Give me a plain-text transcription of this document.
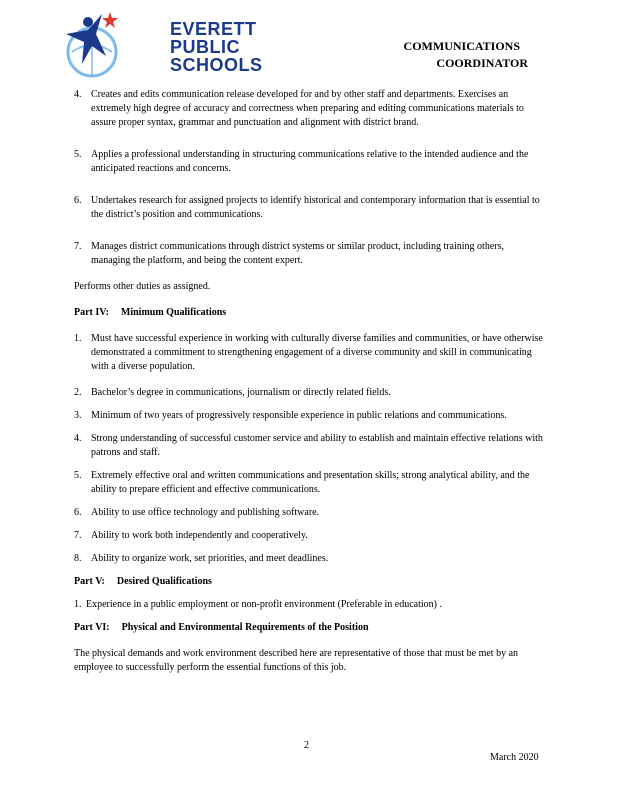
EVERETT
PUBLIC
SCHOOLS
COMMUNICATIONS
COORDINATOR
4. Creates and edits communication release developed for and by other staff and departments. Exercises an extremely high degree of accuracy and correctness when preparing and editing communications materials to assure proper syntax, grammar and punctuation and alignment with district brand.
5. Applies a professional understanding in structuring communications relative to the intended audience and the anticipated reactions and concerns.
6. Undertakes research for assigned projects to identify historical and contemporary information that is essential to the district’s position and communications.
7. Manages district communications through district systems or similar product, including training others, managing the platform, and being the content expert.

Performs other duties as assigned.

Part IV: Minimum Qualifications
1. Must have successful experience in working with culturally diverse families and communities, or have otherwise demonstrated a commitment to strengthening engagement of a diverse community and skill in communicating with a diverse population.
2. Bachelor’s degree in communications, journalism or directly related fields.
3. Minimum of two years of progressively responsible experience in public relations and communications.
4. Strong understanding of successful customer service and ability to establish and maintain effective relations with patrons and staff.
5. Extremely effective oral and written communications and presentation skills; strong analytical ability, and the ability to prepare efficient and effective communications.
6. Ability to use office technology and publishing software.
7. Ability to work both independently and cooperatively.
8. Ability to organize work, set priorities, and meet deadlines.
Part V: Desired Qualifications
1. Experience in a public employment or non-profit environment (Preferable in education) .
Part VI: Physical and Environmental Requirements of the Position

The physical demands and work environment described here are representative of those that must be met by an employee to successfully perform the essential functions of this job.

2
March 2020
